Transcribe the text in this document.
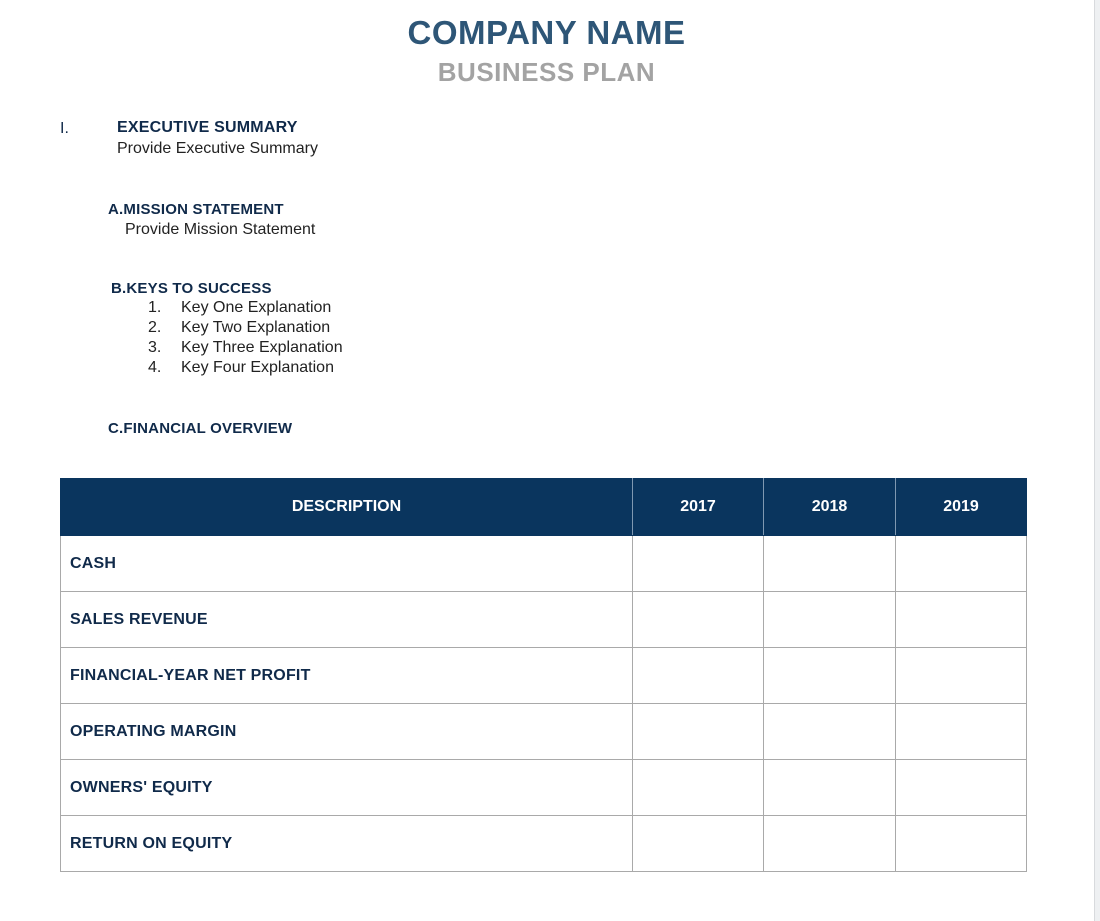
COMPANY NAME
BUSINESS PLAN
I.	EXECUTIVE SUMMARY
Provide Executive Summary
A.MISSION STATEMENT
Provide Mission Statement
B.KEYS TO SUCCESS
1. Key One Explanation
2. Key Two Explanation
3. Key Three Explanation
4. Key Four Explanation
C.FINANCIAL OVERVIEW
DESCRIPTION	2017	2018	2019
CASH			
SALES REVENUE			
FINANCIAL-YEAR NET PROFIT			
OPERATING MARGIN			
OWNERS' EQUITY			
RETURN ON EQUITY			
